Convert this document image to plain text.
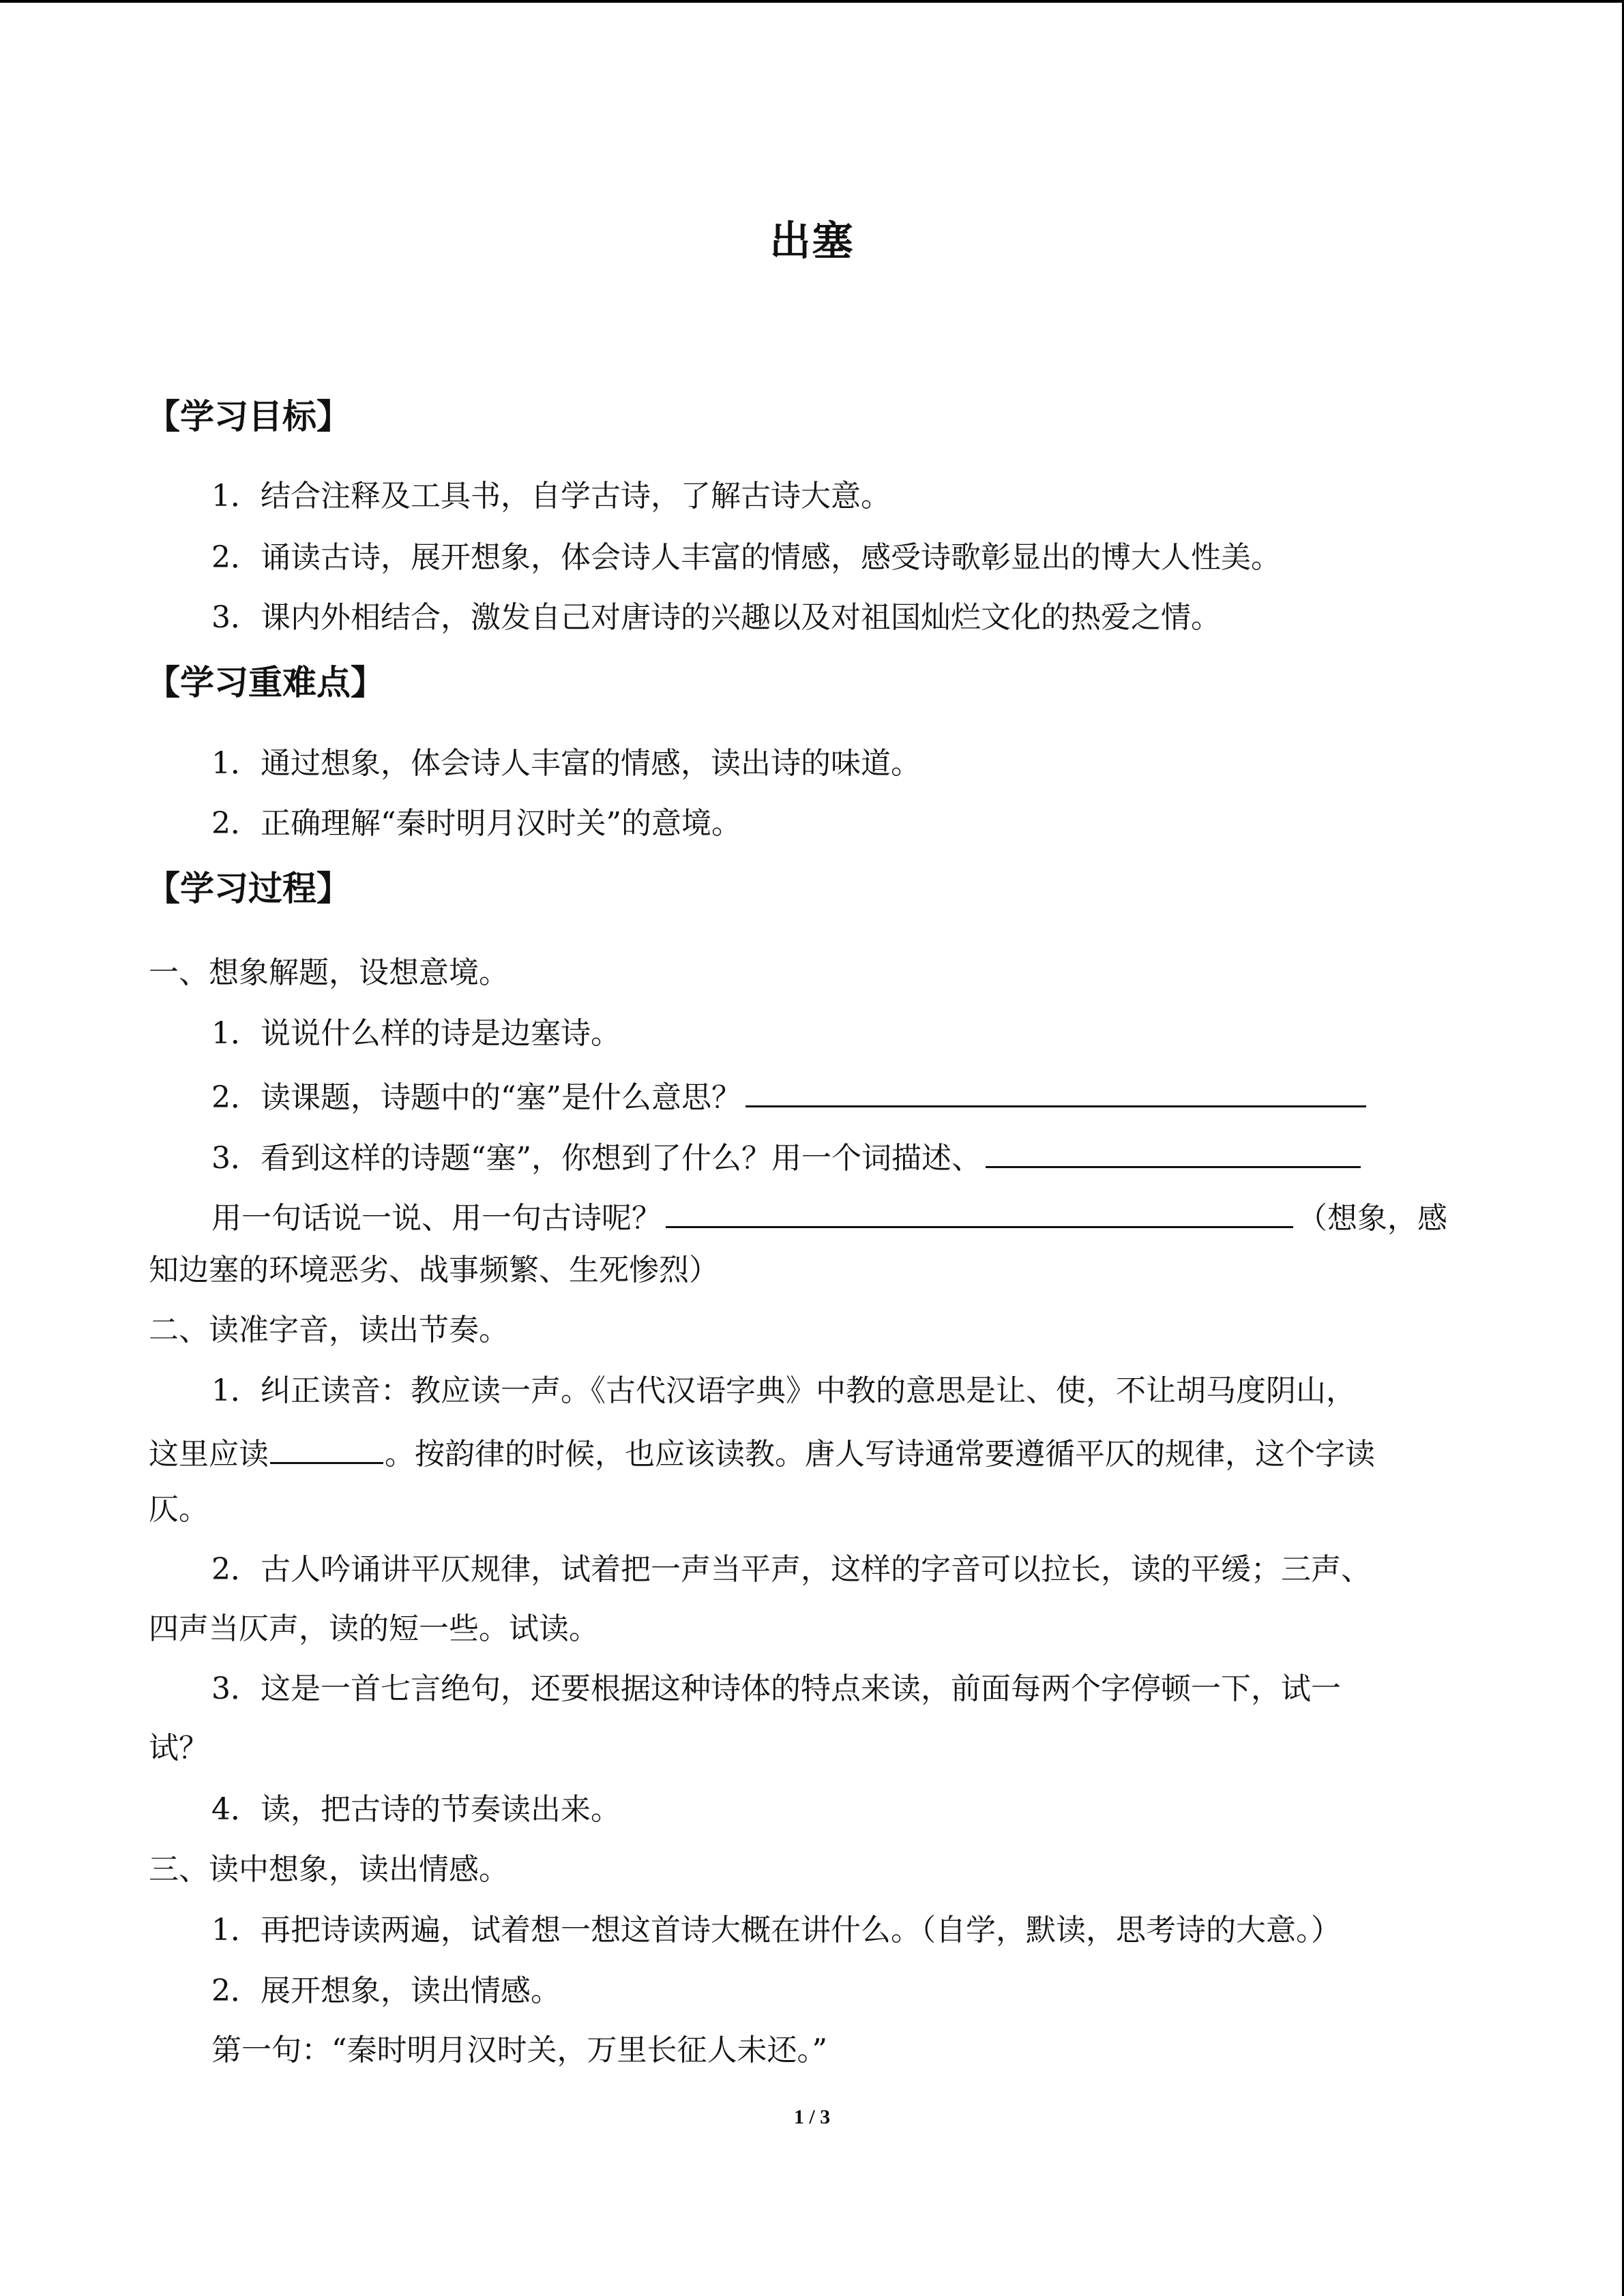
出塞
【学习目标】
1．结合注释及工具书，自学古诗，了解古诗大意。
2．诵读古诗，展开想象，体会诗人丰富的情感，感受诗歌彰显出的博大人性美。
3．课内外相结合，激发自己对唐诗的兴趣以及对祖国灿烂文化的热爱之情。
【学习重难点】
1．通过想象，体会诗人丰富的情感，读出诗的味道。
2．正确理解“秦时明月汉时关”的意境。
【学习过程】
一、想象解题，设想意境。
1．说说什么样的诗是边塞诗。
2．读课题，诗题中的“塞”是什么意思？
3．看到这样的诗题“塞”，你想到了什么？用一个词描述、
用一句话说一说、用一句古诗呢？	（想象，感
知边塞的环境恶劣、战事频繁、生死惨烈）
二、读准字音，读出节奏。
1．纠正读音：教应读一声。《古代汉语字典》中教的意思是让、使，不让胡马度阴山，
这里应读	。按韵律的时候，也应该读教。唐人写诗通常要遵循平仄的规律，这个字读
仄。
2．古人吟诵讲平仄规律，试着把一声当平声，这样的字音可以拉长，读的平缓；三声、
四声当仄声，读的短一些。试读。
3．这是一首七言绝句，还要根据这种诗体的特点来读，前面每两个字停顿一下，试一
试？
4．读，把古诗的节奏读出来。
三、读中想象，读出情感。
1．再把诗读两遍，试着想一想这首诗大概在讲什么。（自学，默读，思考诗的大意。）
2．展开想象，读出情感。
第一句：“秦时明月汉时关，万里长征人未还。”
1 / 3
